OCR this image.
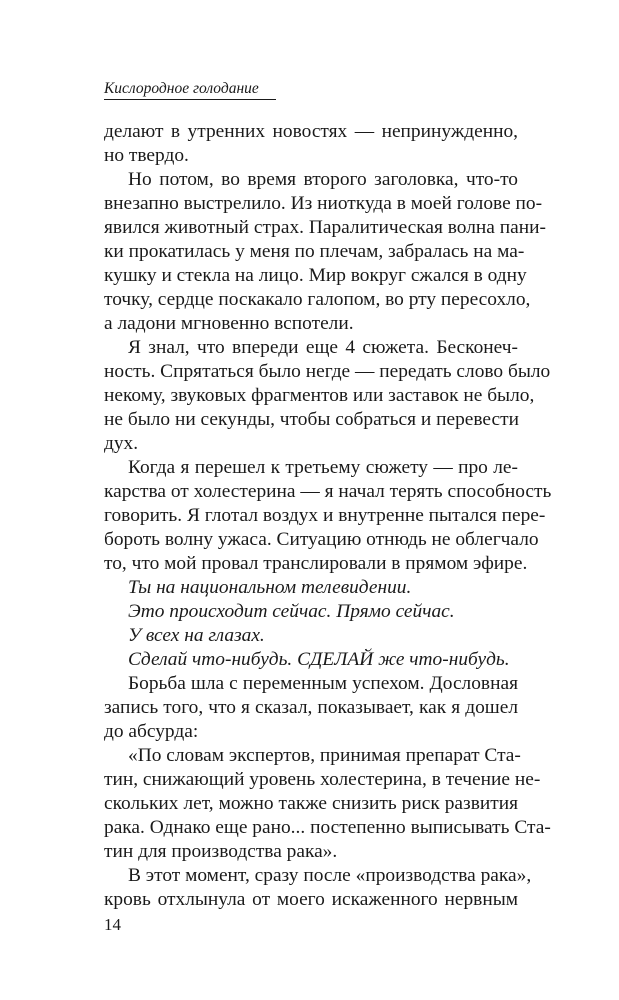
Кислородное голодание
делают в утренних новостях — непринужденно,
но твердо.
Но потом, во время второго заголовка, что-то
внезапно выстрелило. Из ниоткуда в моей голове по-
явился животный страх. Паралитическая волна пани-
ки прокатилась у меня по плечам, забралась на ма-
кушку и стекла на лицо. Мир вокруг сжался в одну
точку, сердце поскакало галопом, во рту пересохло,
а ладони мгновенно вспотели.
Я знал, что впереди еще 4 сюжета. Бесконеч-
ность. Спрятаться было негде — передать слово было
некому, звуковых фрагментов или заставок не было,
не было ни секунды, чтобы собраться и перевести
дух.
Когда я перешел к третьему сюжету — про ле-
карства от холестерина — я начал терять способность
говорить. Я глотал воздух и внутренне пытался пере-
бороть волну ужаса. Ситуацию отнюдь не облегчало
то, что мой провал транслировали в прямом эфире.
Ты на национальном телевидении.
Это происходит сейчас. Прямо сейчас.
У всех на глазах.
Сделай что-нибудь. СДЕЛАЙ же что-нибудь.
Борьба шла с переменным успехом. Дословная
запись того, что я сказал, показывает, как я дошел
до абсурда:
«По словам экспертов, принимая препарат Ста-
тин, снижающий уровень холестерина, в течение не-
скольких лет, можно также снизить риск развития
рака. Однако еще рано... постепенно выписывать Ста-
тин для производства рака».
В этот момент, сразу после «производства рака»,
кровь отхлынула от моего искаженного нервным
14
